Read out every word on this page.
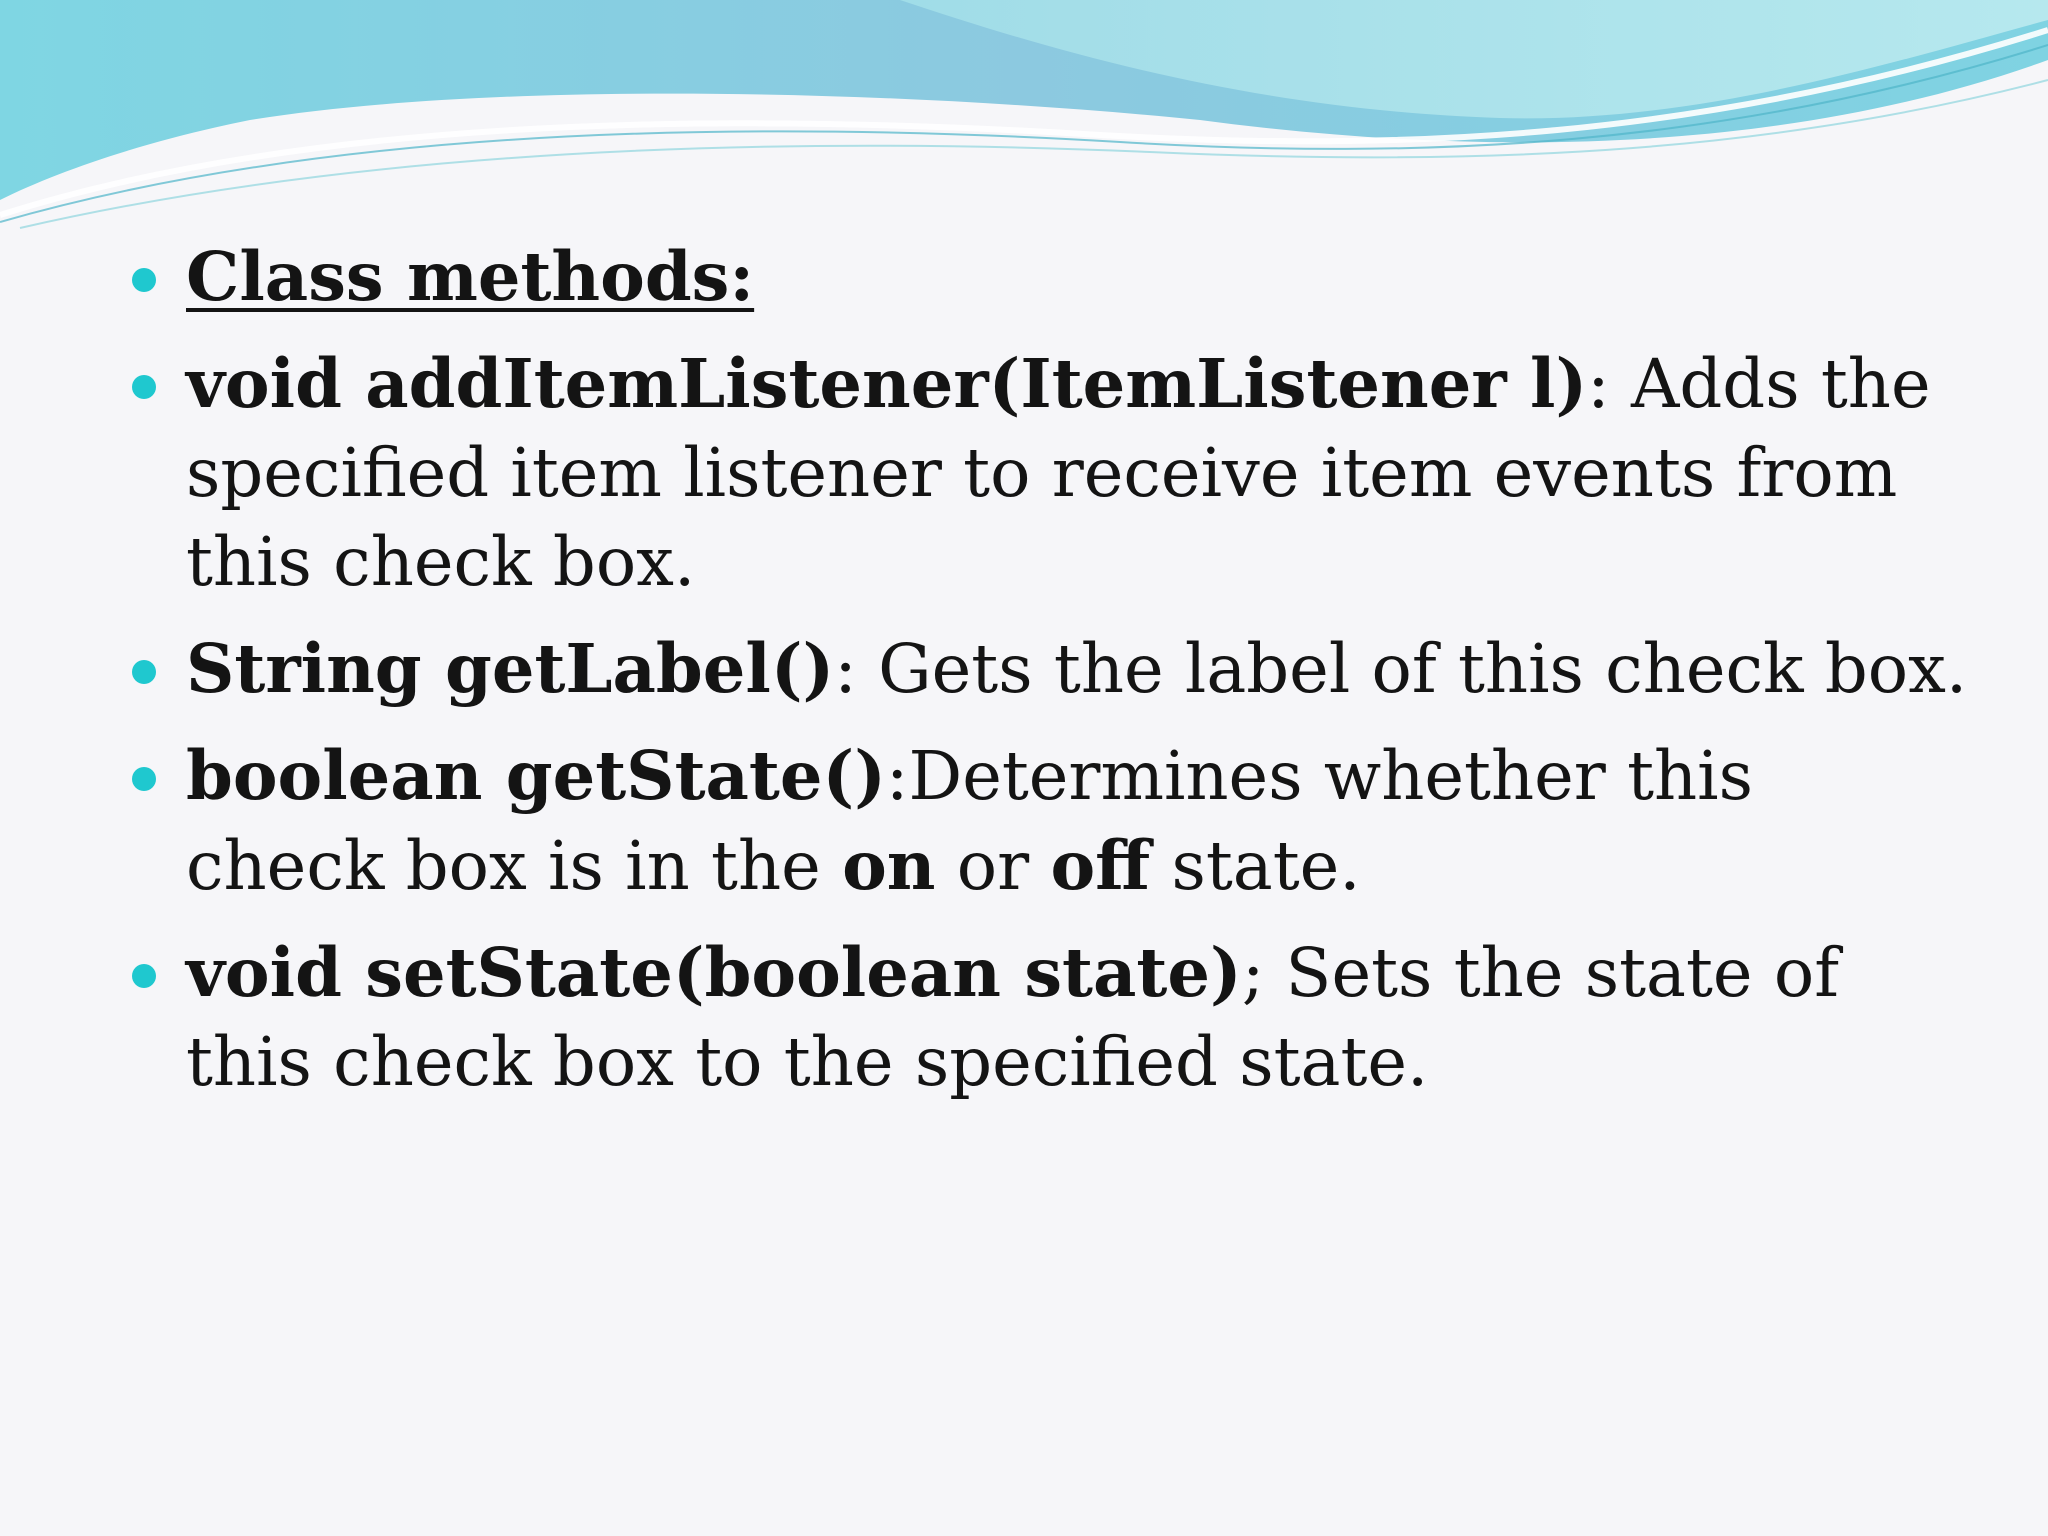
Class methods:
void addItemListener(ItemListener l): Adds the specified item listener to receive item events from this check box.
String getLabel(): Gets the label of this check box.
boolean getState():Determines whether this check box is in the on or off state.
void setState(boolean state); Sets the state of this check box to the specified state.
